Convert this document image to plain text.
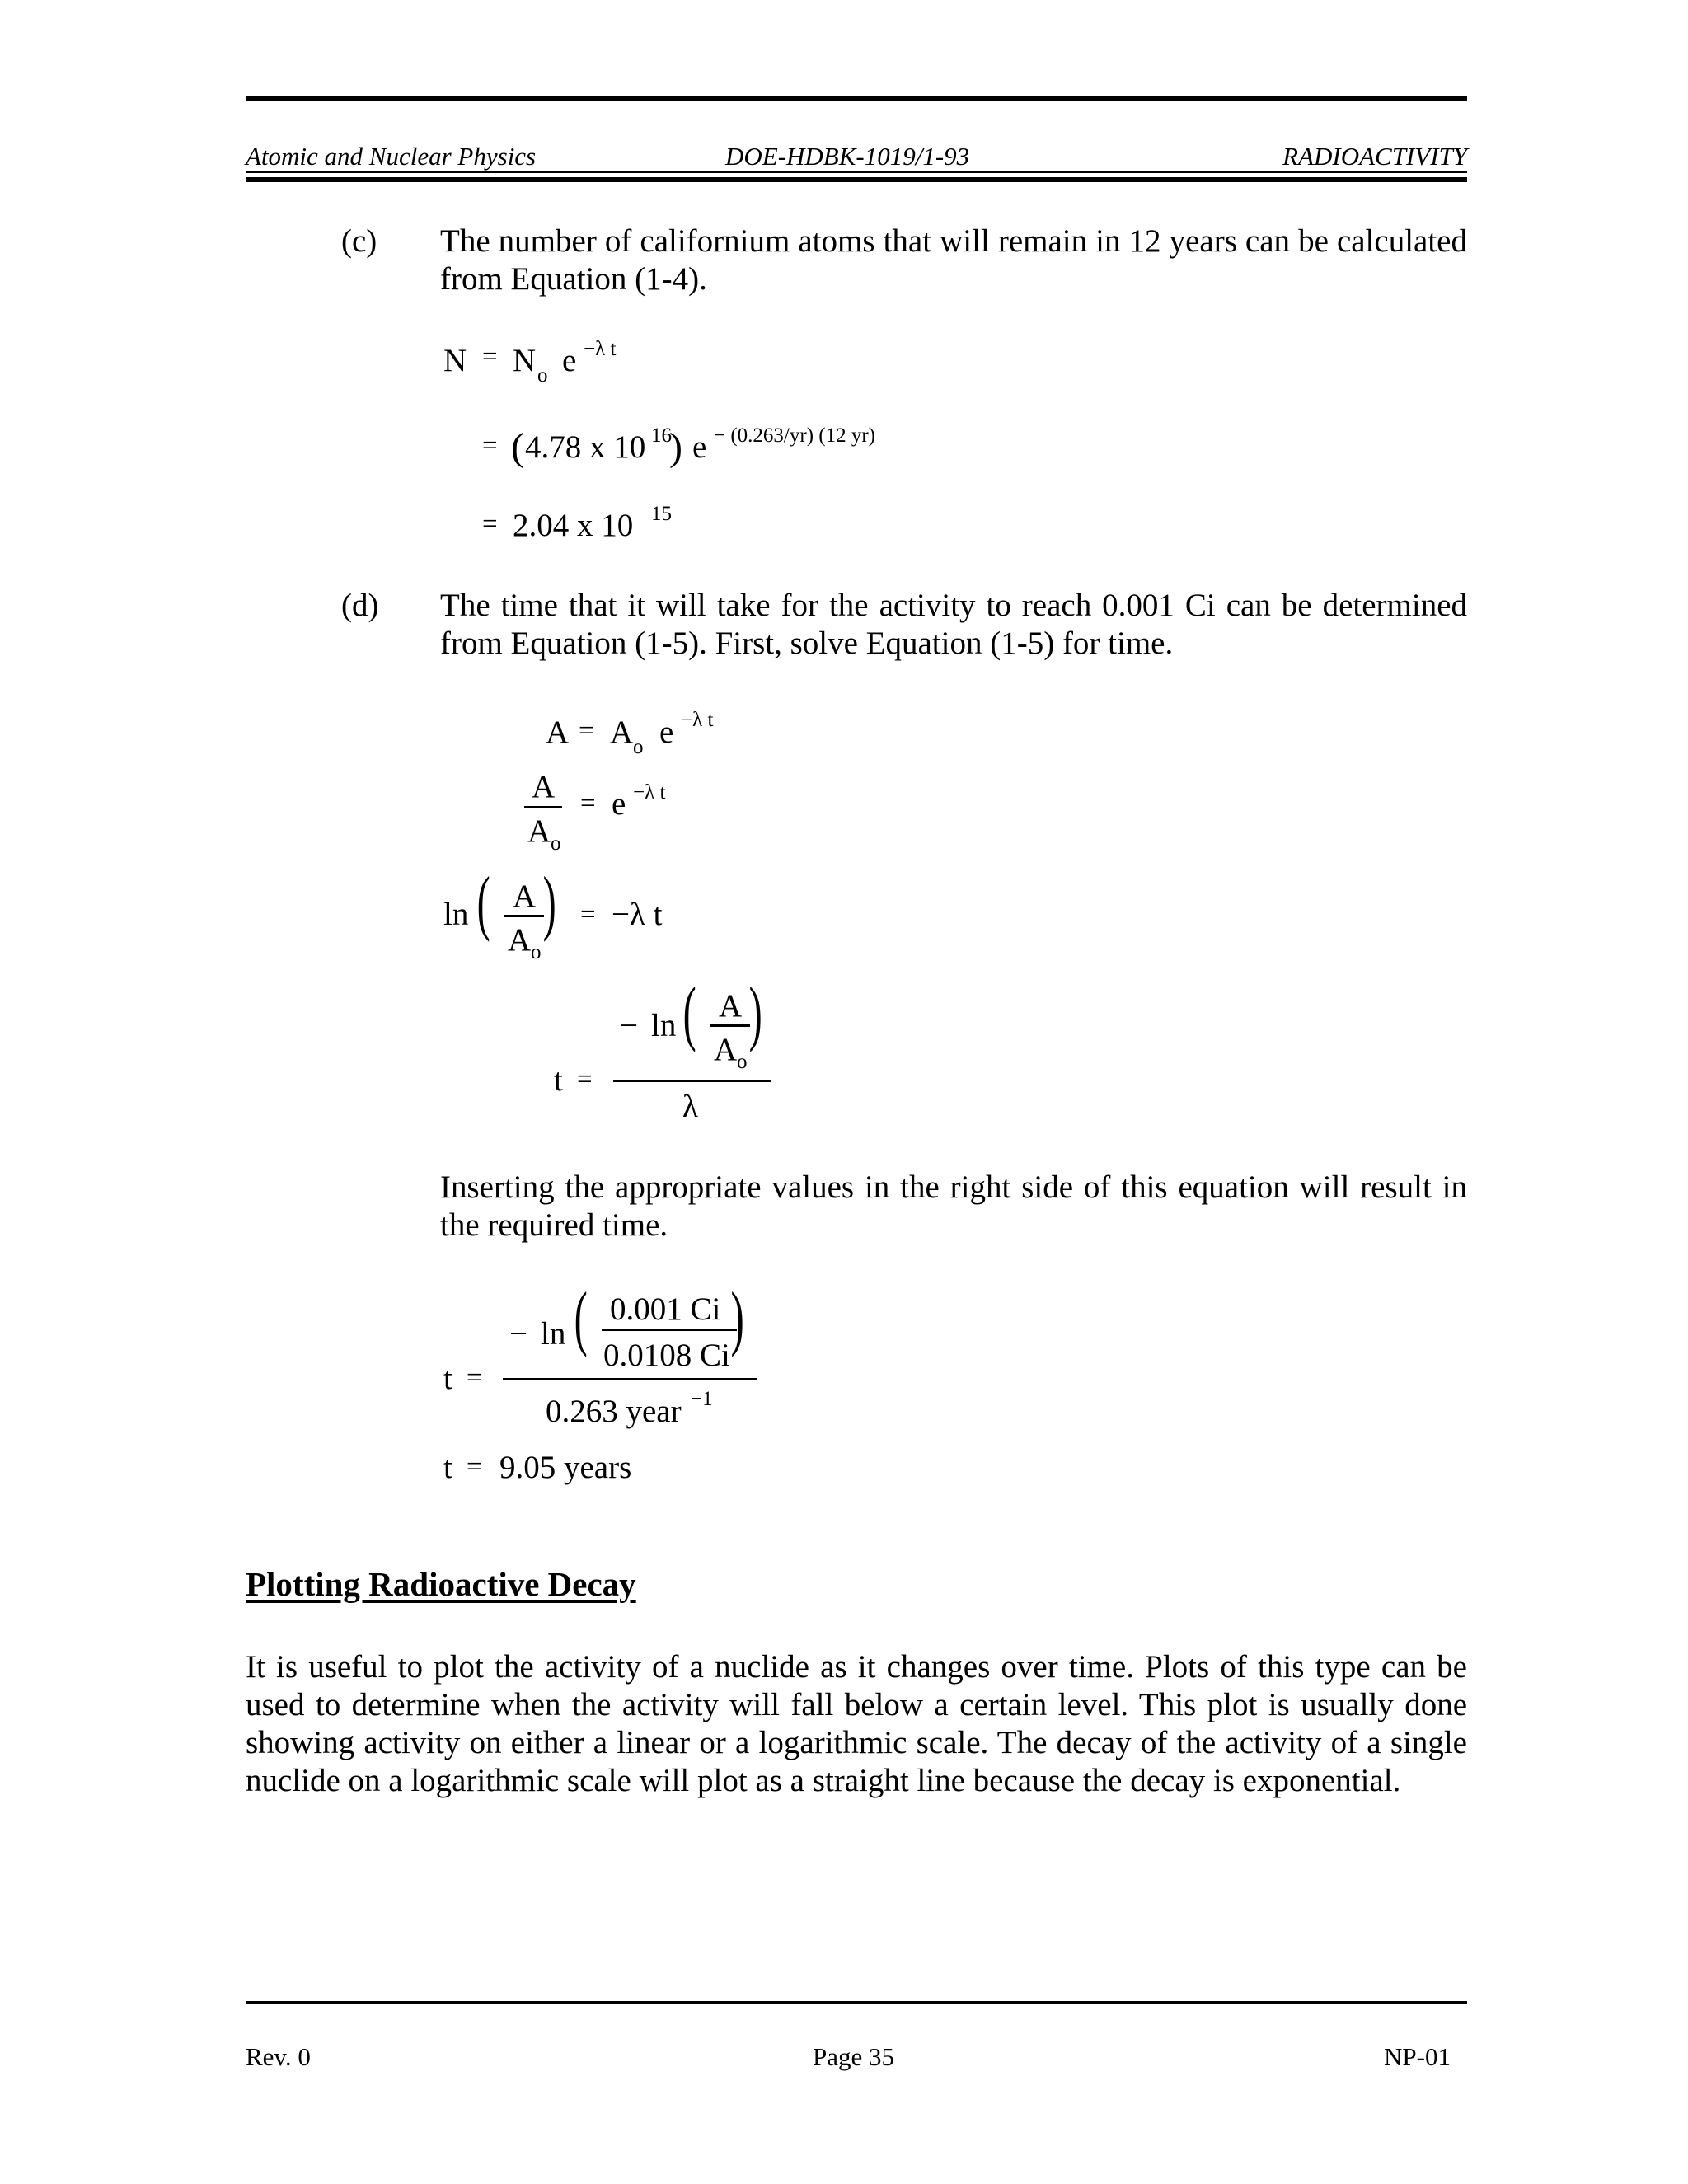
Atomic and Nuclear Physics	DOE-HDBK-1019/1-93	RADIOACTIVITY
(c) The number of californium atoms that will remain in 12 years can be calculated from Equation (1-4).
N = N o e −λ t
= ( 4.78 x 10 16
) e − (0.263/yr) (12 yr)
= 2.04 x 10 15
(d) The time that it will take for the activity to reach 0.001 Ci can be determined from Equation (1-5). First, solve Equation (1-5) for time.
A = A o e −λ t
A
A o
= e −λ t
ln ( A
A o
) = −λ t
− ln ( A
A o
)
t =
λ
Inserting the appropriate values in the right side of this equation will result in the required time.
− ln ( 0.001 Ci
0.0108 Ci )
t =
0.263 year −1
t = 9.05 years
Plotting Radioactive Decay
It is useful to plot the activity of a nuclide as it changes over time. Plots of this type can be used to determine when the activity will fall below a certain level. This plot is usually done showing activity on either a linear or a logarithmic scale. The decay of the activity of a single nuclide on a logarithmic scale will plot as a straight line because the decay is exponential.
Rev. 0	Page 35	NP-01
